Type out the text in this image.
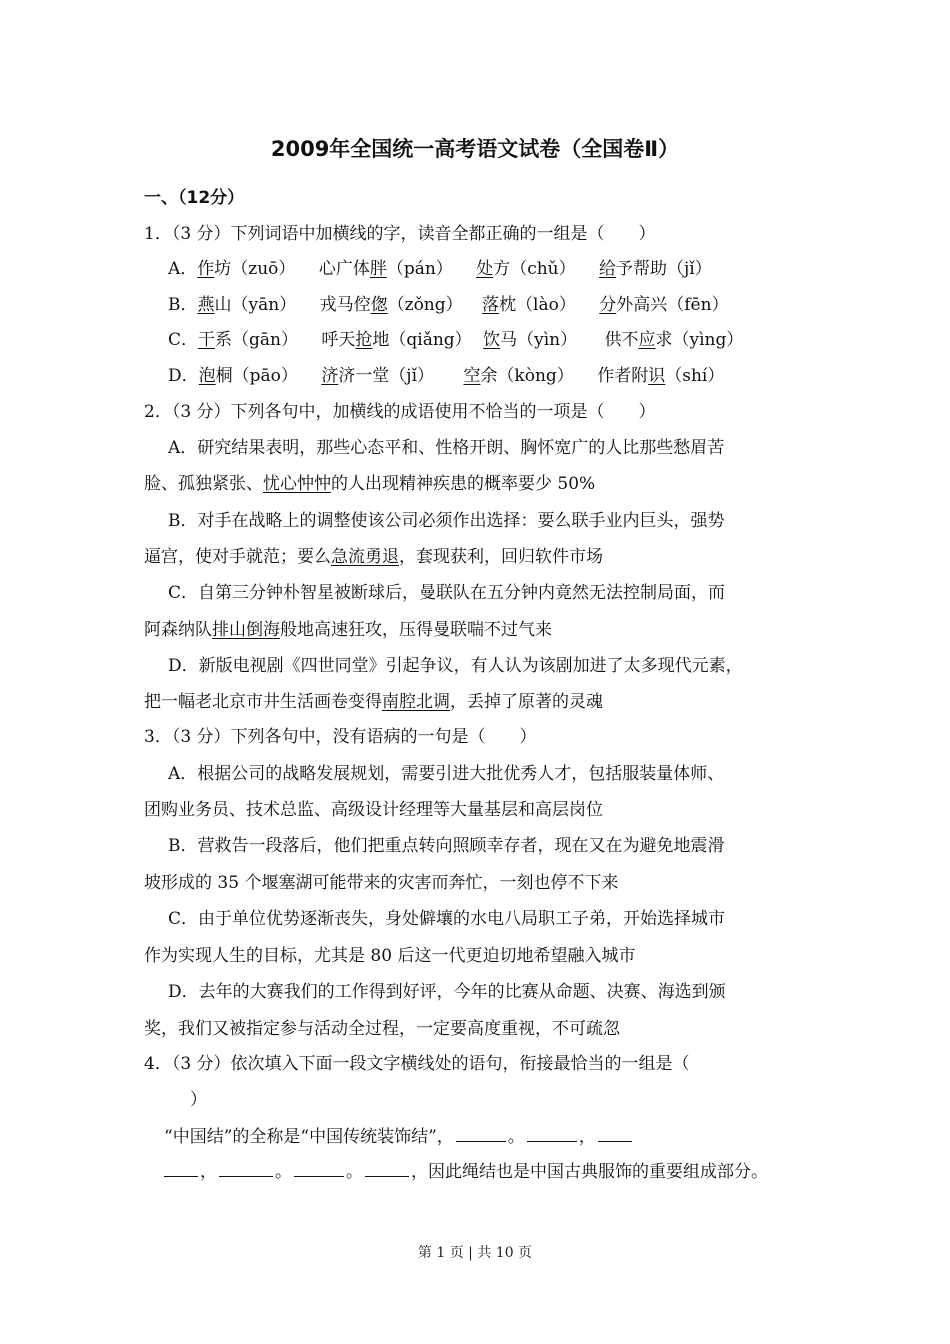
2009年全国统一高考语文试卷（全国卷Ⅱ）
一、（12分）
1．（3 分）下列词语中加横线的字，读音全都正确的一组是（　　）
A．作坊（zuō） 心广体胖（pán） 处方（chǔ） 给予帮助（jǐ）
B．燕山（yān） 戎马倥偬（zǒng） 落枕（lào） 分外高兴（fēn）
C．干系（gān） 呼天抢地（qiǎng） 饮马（yìn） 供不应求（yìng）
D．泡桐（pāo） 济济一堂（jǐ） 空余（kòng） 作者附识（shí）
2．（3 分）下列各句中，加横线的成语使用不恰当的一项是（　　）
A．研究结果表明，那些心态平和、性格开朗、胸怀宽广的人比那些愁眉苦
脸、孤独紧张、忧心忡忡的人出现精神疾患的概率要少 50%
B．对手在战略上的调整使该公司必须作出选择：要么联手业内巨头，强势
逼宫，使对手就范；要么急流勇退，套现获利，回归软件市场
C．自第三分钟朴智星被断球后，曼联队在五分钟内竟然无法控制局面，而
阿森纳队排山倒海般地高速狂攻，压得曼联喘不过气来
D．新版电视剧《四世同堂》引起争议，有人认为该剧加进了太多现代元素，
把一幅老北京市井生活画卷变得南腔北调，丢掉了原著的灵魂
3．（3 分）下列各句中，没有语病的一句是（　　）
A．根据公司的战略发展规划，需要引进大批优秀人才，包括服装量体师、
团购业务员、技术总监、高级设计经理等大量基层和高层岗位
B．营救告一段落后，他们把重点转向照顾幸存者，现在又在为避免地震滑
坡形成的 35 个堰塞湖可能带来的灾害而奔忙，一刻也停不下来
C．由于单位优势逐渐丧失，身处僻壤的水电八局职工子弟，开始选择城市
作为实现人生的目标，尤其是 80 后这一代更迫切地希望融入城市
D．去年的大赛我们的工作得到好评，今年的比赛从命题、决赛、海选到颁
奖，我们又被指定参与活动全过程，一定要高度重视，不可疏忽
4．（3 分）依次填入下面一段文字横线处的语句，衔接最恰当的一组是（
）
“中国结”的全称是“中国传统装饰结”，	。	，
，	。	。	，因此绳结也是中国古典服饰的重要组成部分。
第 1 页 | 共 10 页
